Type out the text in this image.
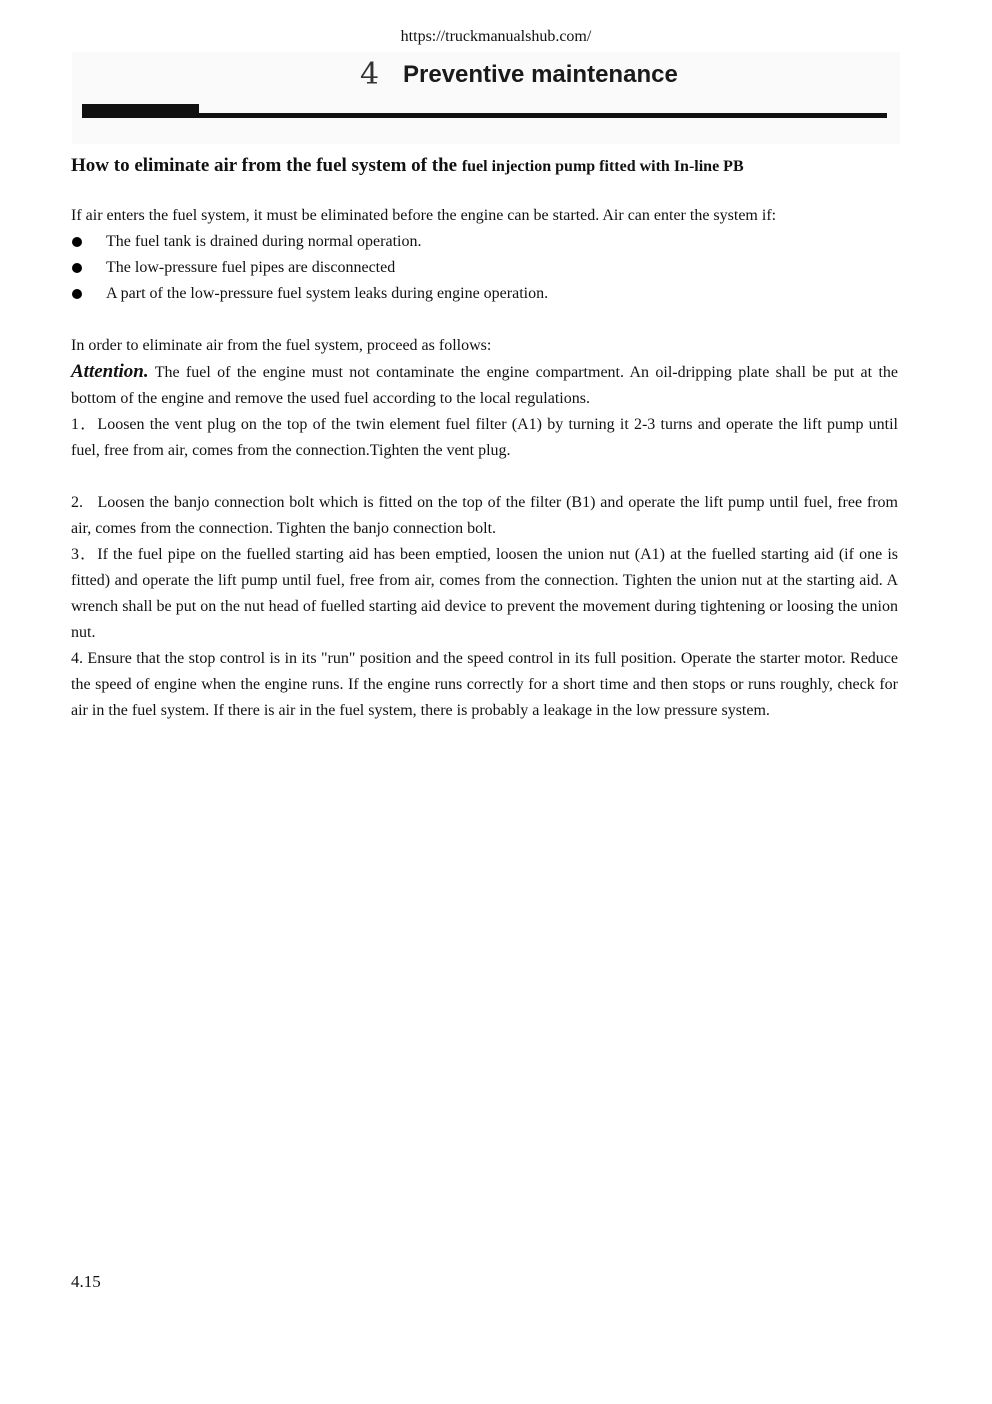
https://truckmanualshub.com/
4 Preventive maintenance
How to eliminate air from the fuel system of the fuel injection pump fitted with In-line PB

If air enters the fuel system, it must be eliminated before the engine can be started. Air can enter the system if:

The fuel tank is drained during normal operation.
The low-pressure fuel pipes are disconnected
A part of the low-pressure fuel system leaks during engine operation.

In order to eliminate air from the fuel system, proceed as follows:

Attention. The fuel of the engine must not contaminate the engine compartment. An oil-dripping plate shall be put at the bottom of the engine and remove the used fuel according to the local regulations.

1．Loosen the vent plug on the top of the twin element fuel filter (A1) by turning it 2-3 turns and operate the lift pump until fuel, free from air, comes from the connection.Tighten the vent plug.

2.   Loosen the banjo connection bolt which is fitted on the top of the filter (B1) and operate the lift pump until fuel, free from air, comes from the connection. Tighten the banjo connection bolt.

3．If the fuel pipe on the fuelled starting aid has been emptied, loosen the union nut (A1) at the fuelled starting aid (if one is fitted) and operate the lift pump until fuel, free from air, comes from the connection. Tighten the union nut at the starting aid. A wrench shall be put on the nut head of fuelled starting aid device to prevent the movement during tightening or loosing the union nut.

4. Ensure that the stop control is in its "run" position and the speed control in its full position. Operate the starter motor. Reduce the speed of engine when the engine runs. If the engine runs correctly for a short time and then stops or runs roughly, check for air in the fuel system. If there is air in the fuel system, there is probably a leakage in the low pressure system.

4.15
